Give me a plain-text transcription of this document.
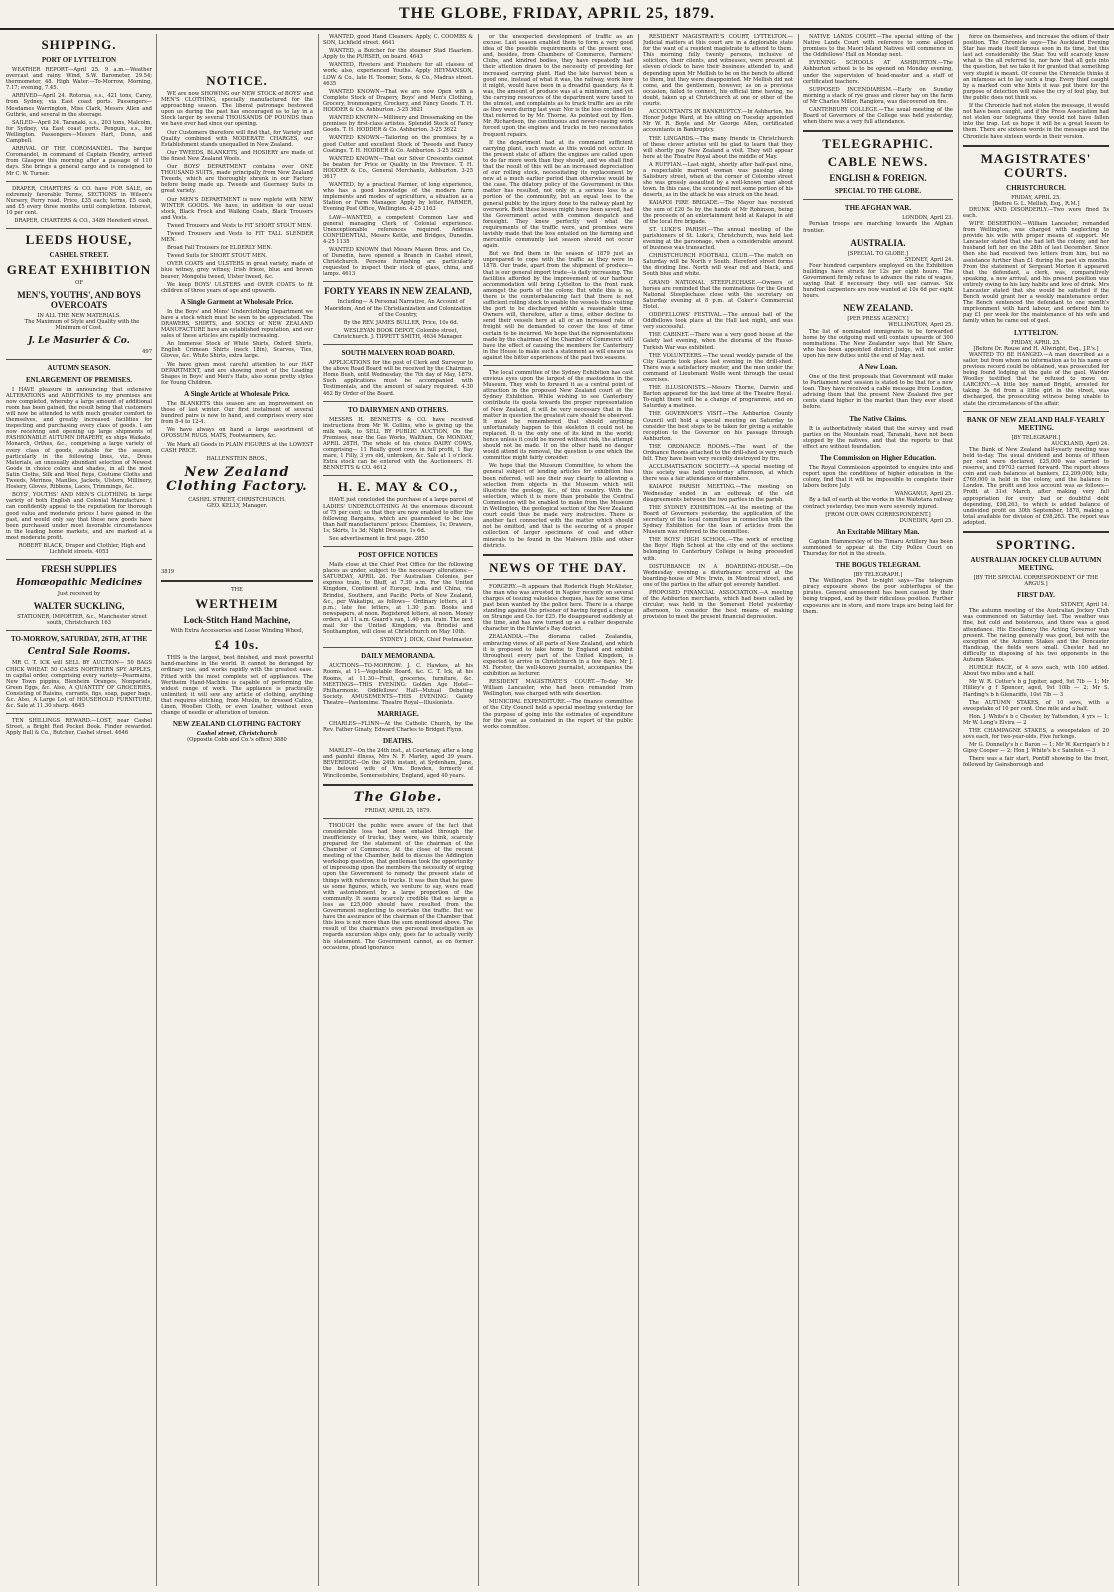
THE GLOBE, FRIDAY, APRIL 25, 1879.
SHIPPING.
PORT OF LYTTELTON

WEATHER REPORT—April 25. 9 a.m.—Weather overcast and rainy. Wind, S.W. Barometer, 29.54; thermometer, 48. High Water.—To-Morrow, Morning, 7.17; evening, 7.45.

ARRIVED—April 24. Rotorua, s.s., 421 tons, Carey, from Sydney, via East coast ports. Passengers—Mesdames Warrington, Miss Clark, Messrs Allen and Guthrie, and several in the steerage.

SAILED—April 24. Taranaki, s.s., 203 tons, Malcolm, for Sydney, via East coast ports. Penguin, s.s., for Wellington. Passengers—Messrs Hart, Dunn, and Campbell.

ARRIVAL OF THE COROMANDEL. The barque Coromandel, in command of Captain Hendry, arrived from Glasgow this morning after a passage of 110 days. She brings a general cargo and is consigned to Mr C. W. Turner.

DRAPER, CHARTERS & CO. have FOR SALE, on extremely favorable Terms, SECTIONS in Wilson's Nursery, Ferry road. Price, £35 each; terms, £5 cash, and £5 every three months until completion. Interest, 10 per cent.

DRAPER, CHARTERS & CO., 3489 Hereford street.

LEEDS HOUSE,
CASHEL STREET.
GREAT EXHIBITION
OF
MEN'S, YOUTHS', AND BOYS OVERCOATS
IN ALL THE NEW MATERIALS.

The Maximum of Style and Quality with the Minimum of Cost.

J. Le Masurier & Co.
497
AUTUMN SEASON.
ENLARGEMENT OF PREMISES.

I HAVE pleasure in announcing that extensive ALTERATIONS and ADDITIONS to my premises are now completed, whereby a large amount of additional room has been gained, the result being that customers will now be attended to with much greater comfort to themselves, and greatly increased facilities for inspecting and purchasing every class of goods. I am now receiving and opening up large shipments of FASHIONABLE AUTUMN DRAPERY, ex ships Waikato, Monarch, Orthes, &c., comprising a large variety of every class of goods, suitable for the season, particularly in the following lines, viz., Dress Materials, an unusually abundant selection of Newest Goods in choice colors and shades, in all the most Satin Cloths, Silk and Wool Reps, Costume Cloths and Tweeds, Merinos, Mantles, Jackets, Ulsters, Millinery, Hosiery, Gloves, Ribbons, Laces, Trimmings, &c.

BOYS', YOUTHS' AND MEN'S CLOTHING In large variety of both English and Colonial Manufacture. I can confidently appeal to the reputation for thorough good value and moderate prices I have gained in the past, and would only say that these new goods have been purchased under most favorable circumstances in the leading home markets, and are marked at a most moderate profit.

ROBERT BLACK, Draper and Clothier, High and Lichfield streets. 4053

FRESH SUPPLIES
Homœopathic Medicines
Just received by
WALTER SUCKLING,

STATIONER, IMPORTER, &c., Manchester street south, Christchurch 163

TO-MORROW, SATURDAY, 26TH, AT THE
Central Sale Rooms.

MR C. T. ICK will SELL BY AUCTION— 50 BAGS CHICK WHEAT. 50 CASES NORTHERN SPY APPLES, in capital order, comprising every variety—Pearmains, New Town pippins, Blenheim Oranges, Nonpariels, Green Eggs, &c. Also, A QUANTITY OF GROCERIES, Consisting of Raisins, currants, figs, soap, paper bags, &c. Also, A Large Lot of HOUSEHOLD FURNITURE, &c. Sale at 11.30 sharp. 4645

TEN SHILLINGS REWARD.—LOST, near Cashel Street, a Bright Red Pocket Book. Finder rewarded. Apply Bull & Co., Butcher, Cashel street. 4646

NOTICE.

WE are now SHOWING our NEW STOCK of BOYS' and MEN'S CLOTHING, specially manufactured for the approaching season. The liberal patronage bestowed upon us during the past has encouraged us to lay in a Stock larger by several THOUSANDS OF POUNDS than we have ever had since our opening.

Our Customers therefore will find that, for Variety and Quality combined with MODERATE CHARGES, our Establishment stands unequalled in New Zealand.

Our TWEEDS, BLANKETS, and HOSIERY are made of the finest New Zealand Wools.

Our BOYS' DEPARTMENT contains over ONE THOUSAND SUITS, made principally from New Zealand Tweeds, which are thoroughly shrunk in our Factory before being made up. Tweeds and Guernsey Suits in great variety.

Our MEN'S DEPARTMENT is now replete with NEW WINTER GOODS. We have, in addition to our usual stock, Black Frock and Walking Coats, Black Trousers and Vests.

Tweed Trousers and Vests to FIT SHORT STOUT MEN.

Tweed Trousers and Vests to FIT TALL SLENDER MEN.

Broad Fall Trousers for ELDERLY MEN.

Tweed Suits for SHORT STOUT MEN.

OVER COATS and ULSTERS in great variety, made of blue witney, grey witney, Irish frieze, blue and brown beaver, Mongolia tweed, Ulster tweed, &c.

We keep BOYS' ULSTERS and OVER COATS to fit children of three years of age and upwards.

A Single Garment at Wholesale Price.

In the Boys' and Mens' Underclothing Department we have a stock which must be seen to be appreciated. The DRAWERS, SHIRTS, and SOCKS of NEW ZEALAND MANUFACTURE have an established reputation, and our sales of these articles are rapidly increasing.

An Immense Stock of White Shirts, Oxford Shirts, English Crimean Shirts (neck 18in), Scarves, Ties, Gloves, &c. White Shirts, extra large.

We have given most careful attention to our HAT DEPARTMENT, and are showing most of the Leading Shapes in Boys' and Men's Hats, also some pretty styles for Young Children.

A Single Article at Wholesale Price.

The BLANKETS this season are an improvement on those of last winter. Our first instalment of several hundred pairs is now to hand, and comprises every size from 8-4 to 12-4.

We have always on hand a large assortment of OPOSSUM RUGS, MATS, Footwarmers, &c.

We Mark all Goods in PLAIN FIGURES at the LOWEST CASH PRICE.

HALLENSTEIN BROS.,
New Zealand Clothing Factory.
CASHEL STREET, CHRISTCHURCH.
GEO. KELLY, Manager.
3819
THE
WERTHEIM
Lock-Stitch Hand Machine,
With Extra Accessories and Loose Winding Wheel,
£4 10s.

THIS is the largest, best finished, and most powerful hand-machine in the world. It cannot be deranged by ordinary use, and works rapidly with the greatest ease. Fitted with the most complete set of appliances. The Wertheim Hand-Machine is capable of performing the widest range of work. The appliance is practically unlimited; it will sew any article of clothing, anything that requires stitching, from Muslin, to dressed Calico, Linen, Woollen Cloth, or even Leather, without even change of needle or alteration of tension.

NEW ZEALAND CLOTHING FACTORY
Cashel street, Christchurch
(Opposite Cobb and Co.'s office) 3880

WANTED, good Hand Cleaners. Apply, C. COOMBS & SON, Lichfield street. 4641

WANTED, a Butcher for the steamer Stad Haarlem. Apply to the PURSER, on board. 4643

WANTED, Riveters and Finishers for all classes of work; also, experienced Youths. Apply HEYMANSON, LOW & Co., late H. Toomer, Sons, & Co., Madras street. 4635

WANTED KNOWN—That we are now Open with a Complete Stock of Drapery, Boys' and Men's Clothing, Grocery, Ironmongery, Crockery, and Fancy Goods. T. H. HODDER & Co. Ashburton. 3-25 3621

WANTED KNOWN—Millinery and Dressmaking on the premises by first-class artistes. Splendid Stock of Fancy Goods. T. H. HODDER & Co. Ashburton. 3-25 3622

WANTED KNOWN—Tailoring on the premises by a good Cutter and excellent Stock of Tweeds and Fancy Coatings. T. H. HODDER & Co. Ashburton. 3-25 3623

WANTED KNOWN—That our Silver Crescents cannot be beaten for Price or Quality in the Province. T. H. HODDER & Co., General Merchants, Ashburton. 3-25 3617

WANTED, by a practical Farmer, of long experience, who has a good knowledge of the modern farm implements and modes of agriculture, a situation as a Station or Farm Manager. Apply by letter, FARMER, Evening Post Office, Wellington. 4-25 1163

LAW—WANTED, a competent Common Law and general managing Clerk of Colonial experience. Unexceptionable references required. Address CONFIDENTIAL, Messrs Kettle, and Bridges, Dunedin. 4-25 1135

WANTED KNOWN that Messrs Mason Bros. and Co., of Dunedin, have opened a Branch in Cashel street, Christchurch. Persons furnishing are particularly requested to inspect their stock of glass, china, and lamps. 4613

FORTY YEARS IN NEW ZEALAND,

Including— A Personal Narrative, An Account of Maoridom, And of the Christianization and Colonization of the Country,

By the REV. JAMES BULLER, Price, 10s 6d.

WESLEYAN BOOK DEPOT, Colombo street, Christchurch. J. TIPPETT SMITH, 4634 Manager.

SOUTH MALVERN ROAD BOARD.

APPLICATIONS for the post of Clerk and Surveyor to the above Road Board will be received by the Chairman, Home Bush, until Wednesday, the 7th day of May, 1879. Such applications must be accompanied with Testimonials, and the amount of salary required. 4-30 462 By Order of the Board.

TO DAIRYMEN AND OTHERS.

MESSRS H. BENNETTS & CO. have received instructions from Mr W. Collins, who is giving up the milk walk, to SELL BY PUBLIC AUCTION, On the Premises, near the Gas Works, Waltham, On MONDAY, APRIL 28TH, The whole of his choice DAIRY COWS, comprising— 11 Really good cows in full profit, 1 Bay mare, 1 Filly, 3 yrs old, unbroken, &c. Sale at 1 o'clock. Extra stock can be entered with the Auctioneers. H. BENNETTS & CO. 4612

H. E. MAY & CO.,

HAVE just concluded the purchase of a large parcel of LADIES' UNDERCLOTHING At the enormous discount of 75 per cent; so that they are now enabled to offer the following Bargains, which are guaranteed to be less than half manufacturers' prices: Chemises, 1s; Drawers, 1s; Skirts, 1s 3d; Night Dresses, 1s 6d.

See advertisement in first page. 2850

POST OFFICE NOTICES

Mails close at the Chief Post Office for the following places as under, subject to the necessary alterations:— SATURDAY, APRIL 26. For Australian Colonies, per express train, to Bluff, at 7.30 a.m. For the United Kingdom, Continent of Europe, India and China, via Brindisi, Southern, and Pacific Ports of New Zealand, &c., per Wakatipu, as follows— Ordinary letters, at 1 p.m.; late fee letters, at 1.30 p.m. Books and newspapers, at noon. Registered letters, at noon. Money orders, at 11 a.m. Guard's van, 1.40 p.m. train. The next mail for the United Kingdom, via Brindisi and Southampton, will close at Christchurch on May 10th.

SYDNEY J. DICK, Chief Postmaster.

DAILY MEMORANDA.

AUCTIONS—TO-MORROW: J. C. Hawkes, at his Rooms, at 11—Vegetable Board, &c. C. T. Ick, at his Rooms, at 11.30—Fruit, groceries, furniture, &c. MEETINGS—THIS EVENING: Golden Age Hotel—Philharmonic. Oddfellows' Hall—Mutual Debating Society. AMUSEMENTS—THIS EVENING: Gaiety Theatre—Pantomime. Theatre Royal—Illusionists.

MARRIAGE.

CHARLES—FLINN—At the Catholic Church, by the Rev. Father Ginaty, Edward Charles to Bridget Flynn.

DEATHS.

MARLEY—On the 24th inst., at Courtenay, after a long and painful illness, Mrs N. F. Marley, aged 39 years. BEVERIDGE—On the 24th instant, at Sydenham, Jane, the beloved wife of Wm. Bowden, formerly of Wincilcombe, Somersetshire, England, aged 40 years.

The Globe.
FRIDAY, APRIL 25, 1879.

THOUGH the public were aware of the fact that considerable loss had been entailed through the insufficiency of trucks, they were, we think, scarcely prepared for the statement of the chairman of the Chamber of Commerce. At the close of the recent meeting of the Chamber, held to discuss the Addington workshop question, that gentleman took the opportunity of impressing upon the members the necessity of urging upon the Government to remedy the present state of things with reference to trucks. It was then that he gave us some figures, which, we venture to say, were read with astonishment by a large proportion of the community. It seems scarcely credible that so large a loss as £25,000 should have resulted from the Government neglecting to overtake the traffic. But we have the assurance of the chairman of the Chamber that this loss is not more than the sum mentioned above. The result of the chairman's own personal investigation as regards excursion ships only, goes far to actually verify his statement. The Government cannot, as on former occasions, plead ignorance

or the unexpected development of traffic as an excuse. Last season enabled them to form a very good idea of the possible requirements of the present one, and, besides, from Chambers of Commerce, Farmers' Clubs, and kindred bodies, they have repeatedly had their attention drawn to the necessity of providing for increased carrying plant. Had the late harvest been a good one, instead of what it was, the railway, work how it might, would have been in a dreadful quandary. As it was, the amount of produce was at a minimum, and yet the carrying resources of the department were taxed to the utmost, and complaints as to truck traffic are as rife as they were during last year. Nor is the loss confined to that referred to by Mr. Thorne. As pointed out by Hon. Mr. Richardson, the continuous and never-ceasing work forced upon the engines and trucks in two necessitates frequent repairs.

If the department had at its command sufficient carrying plant, such waste as this would not occur. In the present state of affairs the engines are called upon to do far more work than they should, and we shall find that the result of this will be an increased depreciation of our rolling stock, necessitating its replacement by new at a much earlier period than otherwise would be the case. The dilatory policy of the Government in this matter has resulted, not only in a serious loss to a portion of the community, but an equal loss to the general public by the injury done to the railway plant by overwork. Both these losses might have been saved, had the Government acted with common despatch and foresight. They knew perfectly well what the requirements of the traffic were, and promises were lavishly made that the loss entailed on the farming and mercantile community last season should not occur again.

But we find them in the season of 1879 just as unprepared to cope with the traffic as they were in 1878. Our trade, apart from the shipment of produce—that is our general import trade—is daily increasing. The facilities afforded by the improvement of our harbour accommodation will bring Lyttelton to the front rank amongst the ports of the colony. But while this is so, there is the counterbalancing fact that there is not sufficient rolling stock to enable the vessels thus visiting the port to be discharged within a reasonable time. Owners will, therefore, after a time, either decline to send their vessels here at all or an increased rate of freight will be demanded to cover the loss of time certain to be incurred. We hope that the representations made by the chairman of the Chamber of Commerce will have the effect of causing the members for Canterbury in the House to make such a statement as will ensure us against the bitter experiences of the past two seasons.

The local committee of the Sydney Exhibition has cast envious eyes upon the largest of the mastodons in the Museum. They wish to forward it as a central point of attraction in the proposed New Zealand court at the Sydney Exhibition. While wishing to see Canterbury contribute its quota towards the proper representation of New Zealand, it will be very necessary that in the matter in question the greatest care should be observed. It must be remembered that should anything unfortunately happen to this skeleton it could not be replaced. It is the only one of its kind in the world; hence unless it could be moved without risk, the attempt should not be made. If on the other hand no danger would attend its removal, the question is one which the committee might fairly consider.

We hope that the Museum Committee, to whom the general subject of lending articles for exhibition has been referred, will see their way clearly to allowing a selection from objects in the Museum which will illustrate the geology, &c., of this country. With the selection, which it is more than probable the Central Commission will be enabled to make from the Museum in Wellington, the geological section of the New Zealand court could thus be made very instructive. There is another fact connected with the matter which should not be omitted, and that is the securing of a proper collection of larger specimens of coal and other minerals to be found in the Malvern Hills and other districts.

NEWS OF THE DAY.

FORGERY.—It appears that Roderick Hugh McAlister, the man who was arrested in Napier recently on several charges of issuing valueless cheques, has for some time past been wanted by the police here. There is a charge standing against the prisoner of having forged a cheque on Strange and Co. for £25. He disappeared suddenly at the time, and has now turned up as a rather desperate character in the Hawke's Bay district.

ZEALANDIA.—The diorama called Zealandia, embracing views of all parts of New Zealand, and which it is proposed to take home to England and exhibit throughout every part of the United Kingdom, is expected to arrive in Christchurch in a few days. Mr J. M. Forster, the well-known journalist, accompanies the exhibition as lecturer.

RESIDENT MAGISTRATE'S COURT.—To-day Mr William Lancaster, who had been remanded from Wellington, was charged with wife desertion.

MUNICIPAL EXPENDITURE.—The finance committee of the City Council held a special meeting yesterday for the purpose of going into the estimates of expenditure for the year, as contained in the report of the public works committee.

RESIDENT MAGISTRATE'S COURT, LYTTELTON.—Judicial matters at this court are in a deplorable state for the want of a resident magistrate to attend to them. This morning fully twenty persons, inclusive of solicitors, their clients, and witnesses, were present at eleven o'clock to have their business attended to, and depending upon Mr Mellish to be on the bench to attend to them, but they were disappointed. Mr Mellish did not come, and the gentlemen, however, as on a previous occasion, failed to connect, his official time having, no doubt, taken up at Christchurch at one or other of the courts.

ACCOUNTANTS IN BANKRUPTCY.—In Ashburton, his Honor Judge Ward, at his sitting on Tuesday appointed Mr W. R. Boyle and Mr George Allen, certificated accountants in Bankruptcy.

THE LINGARDS.—The many friends in Christchurch of these clever artistes will be glad to learn that they will shortly pay New Zealand a visit. They will appear here at the Theatre Royal about the middle of May.

A RUFFIAN.—Last night, shortly after half-past nine, a respectable married woman was passing along Salisbury street, when at the corner of Colombo street she was grossly assaulted by a well-known man about town. In this case, the scoundrel met some portion of his deserts, as in the attack he was struck on the head.

KAIAPOI FIRE BRIGADE.—The Mayor has received the sum of £20 5s by the hands of Mr Robinson, being the proceeds of an entertainment held at Kaiapoi in aid of the local fire brigade.

ST. LUKE'S PARISH.—The annual meeting of the parishioners of St. Luke's, Christchurch, was held last evening at the parsonage, when a considerable amount of business was transacted.

CHRISTCHURCH FOOTBALL CLUB.—The match on Saturday will be North v South. Hereford street forms the dividing line. North will wear red and black, and South blue and white.

GRAND NATIONAL STEEPLECHASE.—Owners of horses are reminded that the nominations for the Grand National Steeplechase close with the secretary on Saturday evening at 8 p.m. at Coker's Commercial Hotel.

ODDFELLOWS' FESTIVAL.—The annual ball of the Oddfellows took place at the Hall last night, and was very successful.

THE CABINET.—There was a very good house at the Gaiety last evening, when the diorama of the Russo-Turkish War was exhibited.

THE VOLUNTEERS.—The usual weekly parade of the City Guards took place last evening in the drill-shed. There was a satisfactory muster, and the men under the command of Lieutenant Wolfe went through the usual exercises.

THE ILLUSIONISTS.—Messrs Thorne, Darwin and Barton appeared for the last time at the Theatre Royal. To-night there will be a change of programme, and on Saturday a matinee.

THE GOVERNOR'S VISIT.—The Ashburton County Council will hold a special meeting on Saturday to consider the best steps to be taken for giving a suitable reception to the Governor on his passage through Ashburton.

THE ORDNANCE ROOMS.—The want of the Ordnance Rooms attached to the drill-shed is very much felt. They have been very recently destroyed by fire.

ACCLIMATISATION SOCIETY.—A special meeting of this society was held yesterday afternoon, at which there was a fair attendance of members.

KAIAPOI PARISH MEETING.—The meeting on Wednesday ended in an outbreak of the old disagreements between the two parties in the parish.

THE SYDNEY EXHIBITION.—At the meeting of the Board of Governors yesterday, the application of the secretary of the local committee in connection with the Sydney Exhibition for the loan of articles from the Museum was referred to the committee.

THE BOYS' HIGH SCHOOL.—The work of erecting the Boys' High School at the city end of the sections belonging to Canterbury College is being proceeded with.

DISTURBANCE IN A BOARDING-HOUSE.—On Wednesday evening a disturbance occurred at the boarding-house of Mrs Irwin, in Montreal street, and one of the parties in the affair got severely handled.

PROPOSED FINANCIAL ASSOCIATION.—A meeting of the Ashburton merchants, which had been called by circular, was held in the Somerset Hotel yesterday afternoon, to consider the best means of making provision to meet the present financial depression.

NATIVE LANDS COURT.—The special sitting of the Native Lands Court with reference to some alleged promises to the Maori Island Natives will commence in the Oddfellows' Hall on Monday next.

EVENING SCHOOLS AT ASHBURTON.—The Ashburton school is to be opened on Monday evening, under the supervision of head-master and a staff of certificated teachers.

SUPPOSED INCENDIARISM.—Early on Sunday morning a stack of rye grass and clover hay on the farm of Mr Charles Miller, Rangiora, was discovered on fire.

CANTERBURY COLLEGE.—The usual meeting of the Board of Governors of the College was held yesterday, when there was a very full attendance.

TELEGRAPHIC.
CABLE NEWS.
ENGLISH & FOREIGN.
SPECIAL TO THE GLOBE.
THE AFGHAN WAR.
LONDON, April 23.

Persian troops are marching towards the Afghan frontier.

AUSTRALIA.
[SPECIAL TO GLOBE.]
SYDNEY, April 24.

Four hundred carpenters employed on the Exhibition buildings have struck for 12s per eight hours. The Government firmly refuse to advance the rate of wages, saying that if necessary they will use canvas. Six hundred carpenters are now wanted at 10s 6d per eight hours.

NEW ZEALAND.
[PER PRESS AGENCY.]
WELLINGTON, April 25.

The list of nominated immigrants to be forwarded home by the outgoing mail will contain upwards of 300 nominations. The New Zealander says that Mr Shaw, who has been appointed district Judge, will not enter upon his new duties until the end of May next.

A New Loan.

One of the first proposals that Government will make to Parliament next session is stated to be that for a new loan. They have received a cable message from London, advising them that the present New Zealand five per cents stand higher in the market than they ever stood before.

The Native Claims.

It is authoritatively stated that the survey and road parties on the Mountain road, Taranaki, have not been stopped by the natives, and that the reports to that effect are without foundation.

The Commission on Higher Education.

The Royal Commission appointed to enquire into and report upon the conditions of higher education in the colony, find that it will be impossible to complete their labors before July.

WANGANUI, April 25.

By a fall of earth at the works in the Waitotara railway contract yesterday, two men were severely injured.

[FROM OUR OWN CORRESPONDENT.]
DUNEDIN, April 25.
An Excitable Military Man.

Captain Hammersley of the Timaru Artillery has been summoned to appear at the City Police Court on Thursday for riot in the streets.

THE BOGUS TELEGRAM.
[BY TELEGRAPH.]

The Wellington Post to-night says—The telegram piracy exposure shows the poor subterfuges of the pirates. General amusement has been caused by their being trapped, and by their ridiculous position. Further exposures are in store, and more traps are being laid for them.

force on themselves, and increase the odium of their position. The Chronicle says—The Auckland Evening Star has made itself famous soon in its time, but this last act considerably the Star. You will scarcely know what is the all referred to, nor how that all gets into the question, but we take it for granted that something very stupid is meant. Of course the Chronicle thinks it an infamous act to lay such a trap. Every thief caught by a marked coin who hints it was put there for the purpose of detection will raise the cry of foul play, but the public does not think so.

If the Chronicle had not stolen the message, it would not have been caught, and if the Press Association had not stolen our telegrams they would not have fallen into the trap. Let us hope it will be a great lesson to them. There are sixteen words in the message and the Chronicle have sixteen words in their version.

MAGISTRATES' COURTS.
CHRISTCHURCH.
FRIDAY, APRIL 25.
[Before G. L. Mellish, Esq., R.M.]

DRUNK AND DISORDERLY.—Two were fined 5s each.

WIFE DESERTION.—William Lancaster, remanded from Wellington, was charged with neglecting to provide his wife with proper means of support. Mr Lancaster stated that she had left the colony, and her husband left her on the 28th of last December. Since then she had received two letters from him, but no assistance further than £1 during the past six months. From the statement of Sergeant Morton it appeared that the defendant, a clerk, was, comparatively speaking, a new arrival, and his present position was entirely owing to his lazy habits and love of drink. Mrs Lancaster stated that she would be satisfied if the Bench would grant her a weekly maintenance order. The Bench sentenced the defendant to one month's imprisonment with hard labour, and ordered him to pay £1 per week for the maintenance of his wife and family when he came out of gaol.

LYTTELTON.
FRIDAY, APRIL 25.
[Before Dr. Rouse and H. Allwright, Esq., J.P.'s.]

WANTED TO BE HANGED.—A man described as a sailor, but from whom no information as to his name or previous record could be obtained, was prosecuted for being found lodging at the gate of the gaol. Warder Woolley testified that he refused to move on. LARCENY.—A little boy named Bright, arrested for taking 3s 6d from a little girl in the street, was discharged, the prosecuting witness being unable to state the circumstances of the affair.

BANK OF NEW ZEALAND HALF-YEARLY MEETING.
[BY TELEGRAPH.]
AUCKLAND, April 24.

The Bank of New Zealand half-yearly meeting was held to-day. The usual dividend and bonus of fifteen per cent were declared, £25,000 was carried to reserve, and £9703 carried forward. The report shows coin and cash balances at bankers, £2,209,000; bills, £769,000 is held in the colony, and the balance in London. The profit and loss account was as follows—Profit at 31st March, after making very full appropriation for every bad or doubtful debt depending, £98,263, to which is added balance of undivided profit on 30th September, 1878, making a total available for division of £98,263. The report was adopted.

SPORTING.
AUSTRALIAN JOCKEY CLUB AUTUMN MEETING.
[BY THE SPECIAL CORRESPONDENT OF THE ARGUS.]
FIRST DAY.
SYDNEY, April 14.

The autumn meeting of the Australian Jockey Club was commenced on Saturday last. The weather was fine, but cold and boisterous, and there was a good attendance. His Excellency the Acting Governor was present. The racing generally was good, but with the exception of the Autumn Stakes and the Doncaster Handicap, the fields were small. Chester had no difficulty in disposing of his two opponents in the Autumn Stakes.

HURDLE RACE, of 4 sovs each, with 100 added. About two miles and a half.

Mr W. R. Cotter's b g Jupiter, aged, 9st 7lb — 1; Mr Hilliey's g f Spencer, aged, 9st 10lb — 2; Mr S. Harding's b h Glenariffe, 10st 7lb — 3

The AUTUMN STAKES, of 10 sovs, with a sweepstake of 10 per cent. One mile and a half.

Hon. J. White's b c Chester, by Yattendon, 4 yrs — 1; Mr W. Long's Elvira — 2

THE CHAMPAGNE STAKES, a sweepstakes of 20 sovs each, for two-year-olds. Five furlongs.

Mr G. Donnelly's b c Baron — 1; Mr W. Kerrigan's b f Gipsy Cooper — 2; Hon J. White's b c Sainfoin — 3

There was a fair start, Pontiff showing to the front, followed by Gainsborough and
